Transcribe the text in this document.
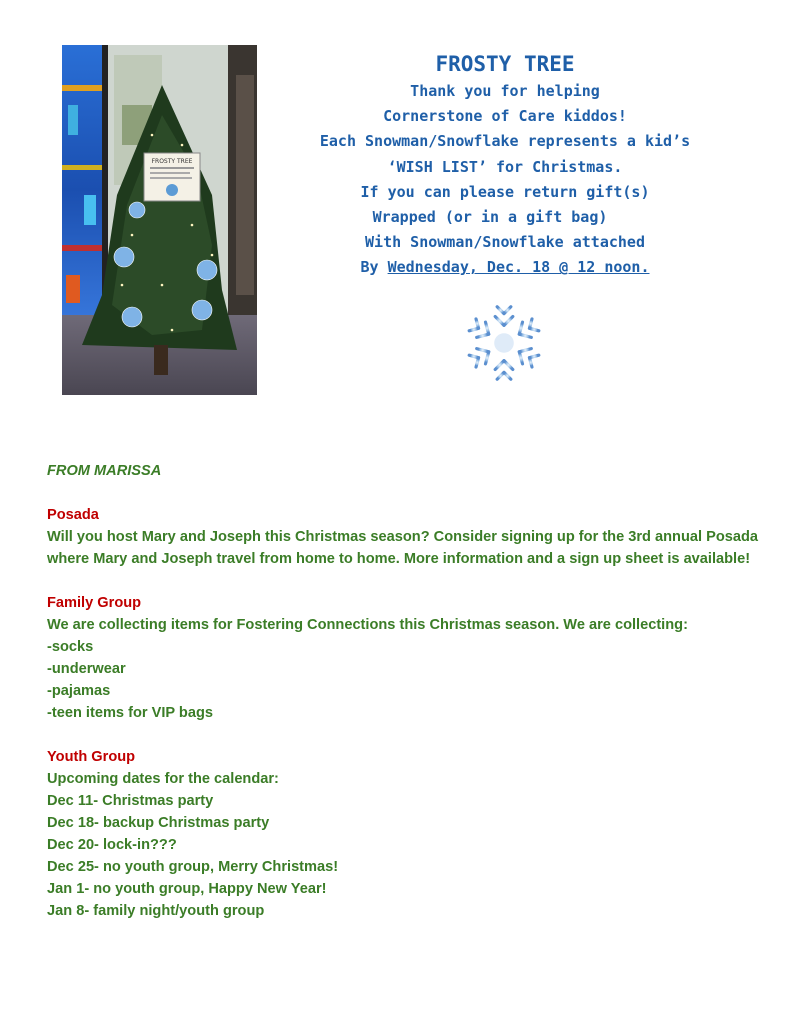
FROSTY TREE
FROSTY TREE
Thank you for helping
Cornerstone of Care kiddos!
Each Snowman/Snowflake represents a kid’s
‘WISH LIST’ for Christmas.
If you can please return gift(s)
Wrapped (or in a gift bag)
With Snowman/Snowflake attached
By Wednesday, Dec. 18 @ 12 noon.

FROM MARISSA

Posada

Will you host Mary and Joseph this Christmas season? Consider signing up for the 3rd annual Posada where Mary and Joseph travel from home to home. More information and a sign up sheet is available!

Family Group

We are collecting items for Fostering Connections this Christmas season. We are collecting:

-socks

-underwear

-pajamas

-teen items for VIP bags

Youth Group

Upcoming dates for the calendar:

Dec 11- Christmas party

Dec 18- backup Christmas party

Dec 20- lock-in???

Dec 25- no youth group, Merry Christmas!

Jan 1- no youth group, Happy New Year!

Jan 8- family night/youth group
